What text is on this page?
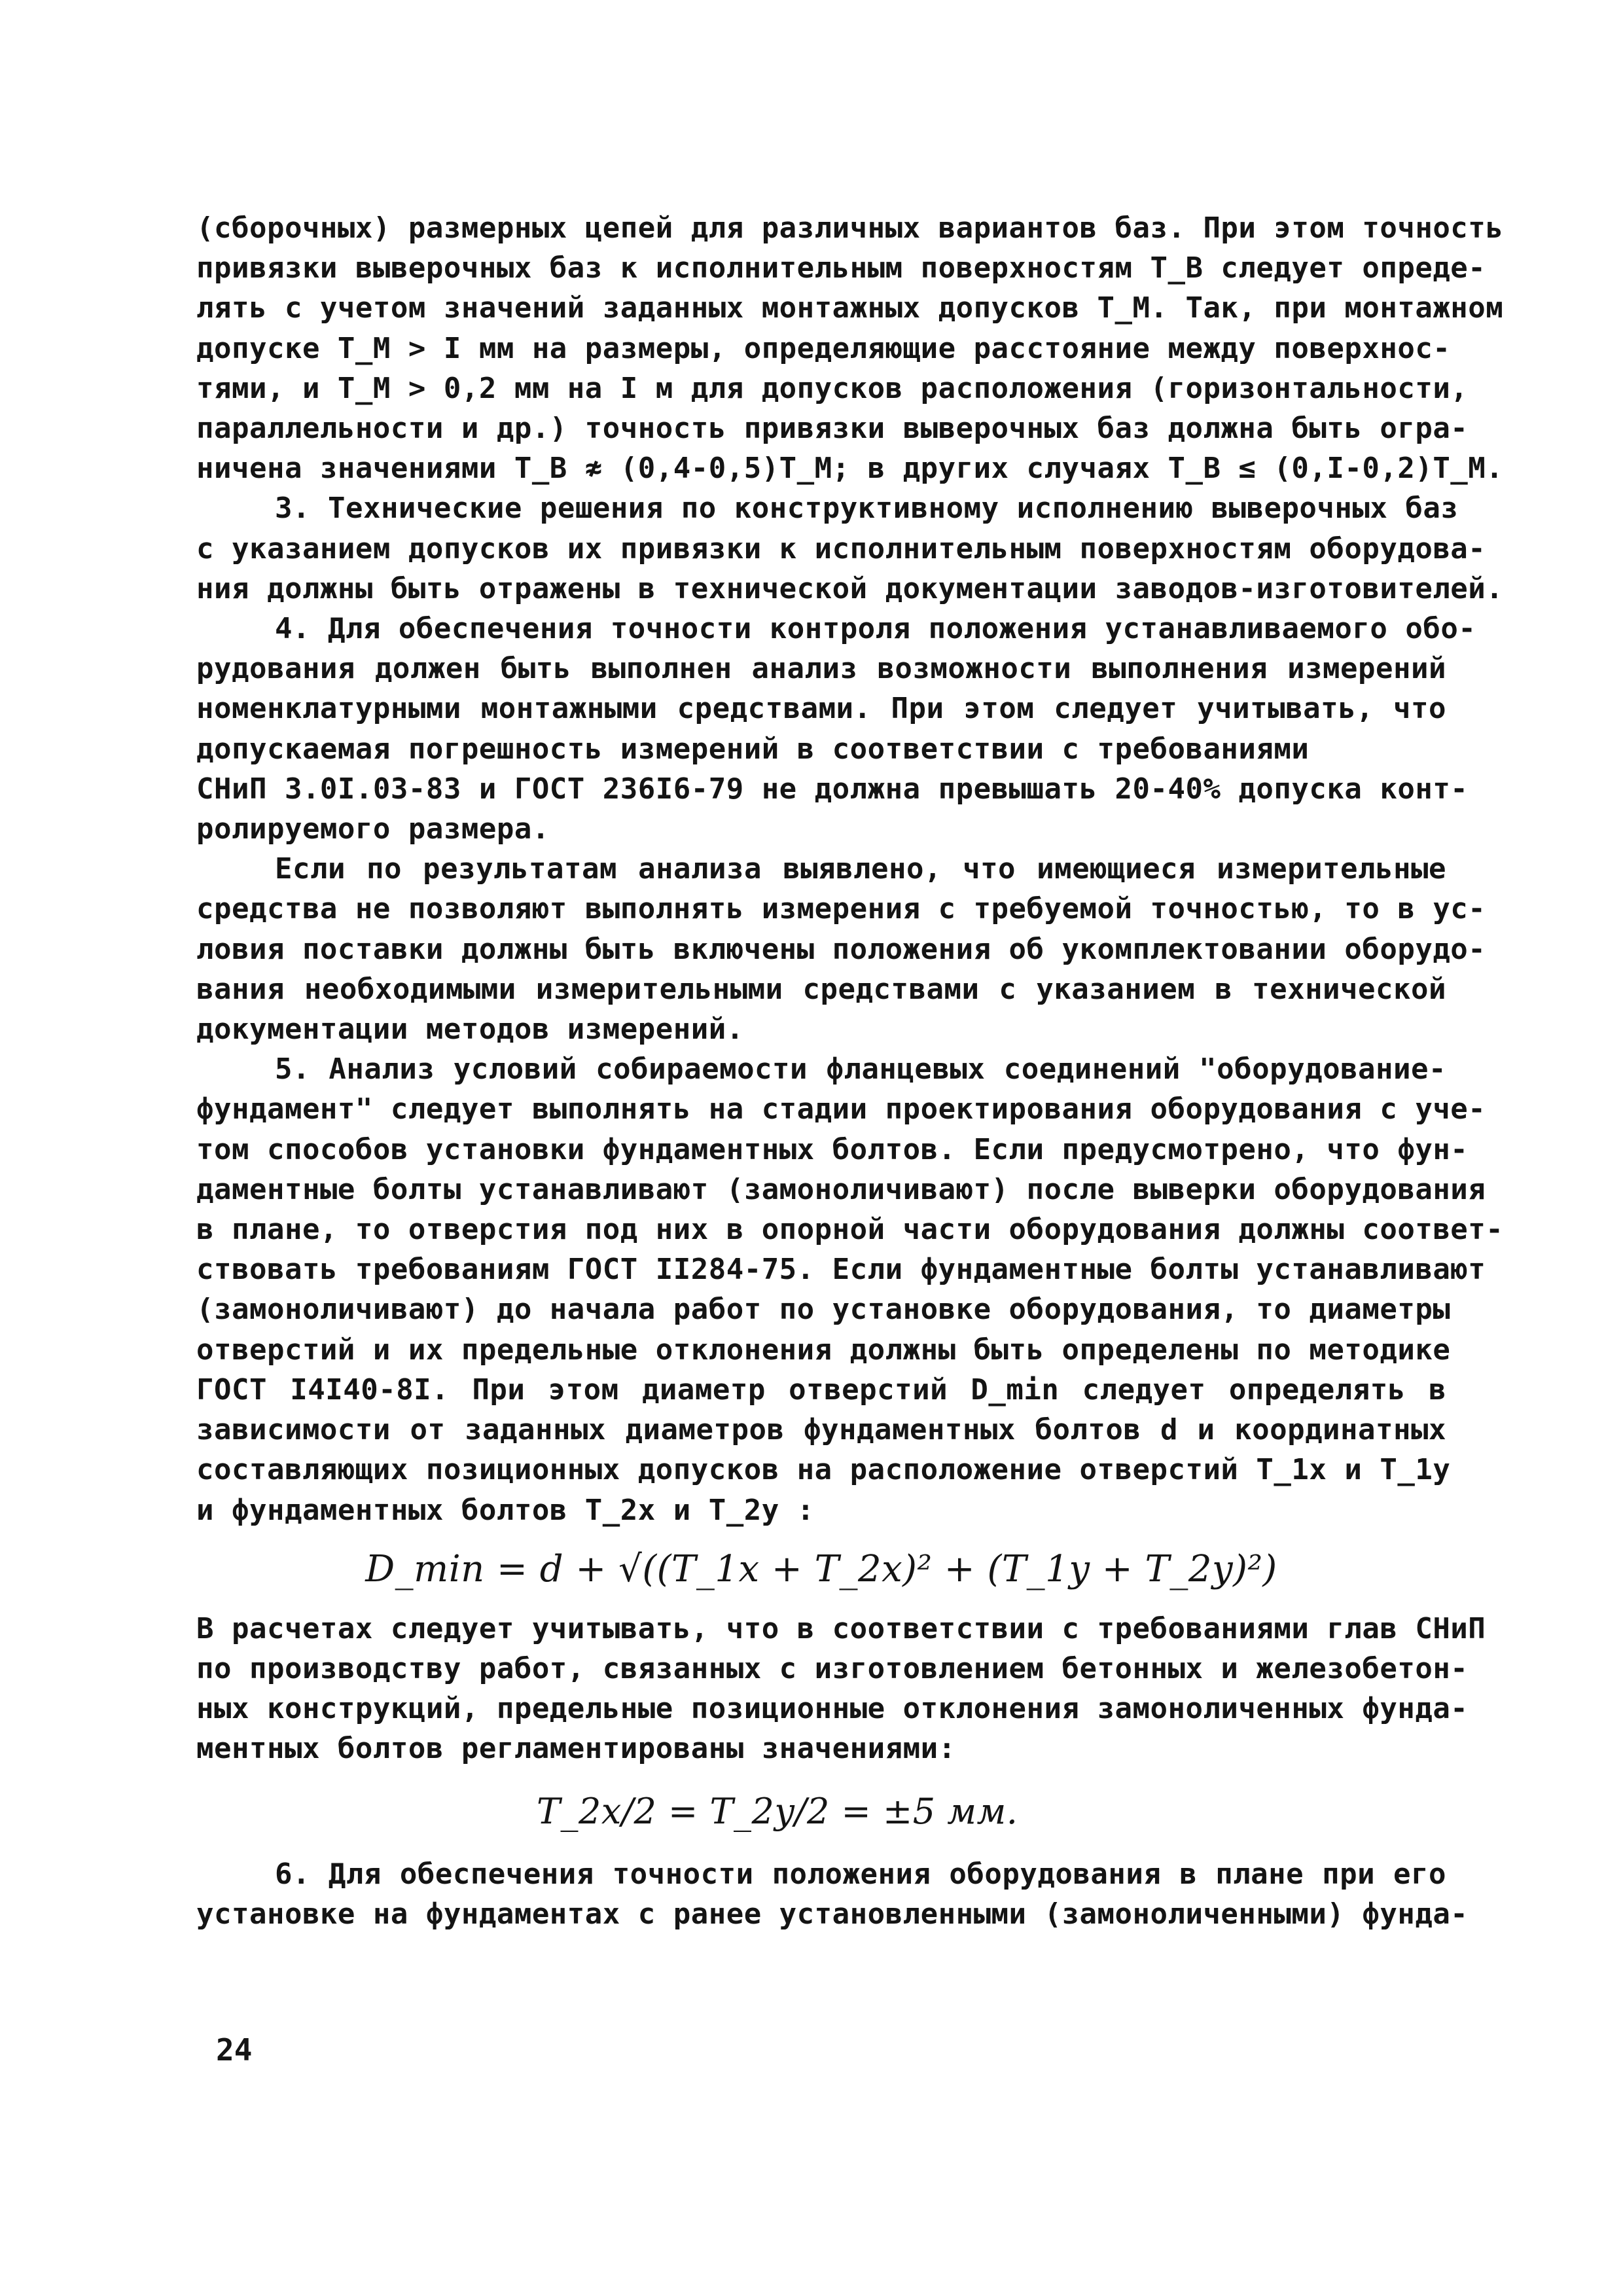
(сборочных) размерных цепей для различных вариантов баз. При этом точность
привязки выверочных баз к исполнительным поверхностям Т_В следует опреде-
лять с учетом значений заданных монтажных допусков Т_М. Так, при монтажном
допуске Т_М > I мм на размеры, определяющие расстояние между поверхнос-
тями, и Т_М > 0,2 мм на I м для допусков расположения (горизонтальности,
параллельности и др.) точность привязки выверочных баз должна быть огра-
ничена значениями Т_В ≉ (0,4-0,5)Т_М; в других случаях Т_В ≤ (0,I-0,2)Т_М.
3. Технические решения по конструктивному исполнению выверочных баз
с указанием допусков их привязки к исполнительным поверхностям оборудова-
ния должны быть отражены в технической документации заводов-изготовителей.
4. Для обеспечения точности контроля положения устанавливаемого обо-
рудования должен быть выполнен анализ возможности выполнения измерений
номенклатурными монтажными средствами. При этом следует учитывать, что
допускаемая погрешность измерений в соответствии с требованиями
СНиП 3.0I.03-83 и ГОСТ 236I6-79 не должна превышать 20-40% допуска конт-
ролируемого размера.
Если по результатам анализа выявлено, что имеющиеся измерительные
средства не позволяют выполнять измерения с требуемой точностью, то в ус-
ловия поставки должны быть включены положения об укомплектовании оборудо-
вания необходимыми измерительными средствами с указанием в технической
документации методов измерений.
5. Анализ условий собираемости фланцевых соединений "оборудование-
фундамент" следует выполнять на стадии проектирования оборудования с уче-
том способов установки фундаментных болтов. Если предусмотрено, что фун-
даментные болты устанавливают (замоноличивают) после выверки оборудования
в плане, то отверстия под них в опорной части оборудования должны соответ-
ствовать требованиям ГОСТ II284-75. Если фундаментные болты устанавливают
(замоноличивают) до начала работ по установке оборудования, то диаметры
отверстий и их предельные отклонения должны быть определены по методике
ГОСТ I4I40-8I. При этом диаметр отверстий D_min следует определять в
зависимости от заданных диаметров фундаментных болтов d и координатных
составляющих позиционных допусков на расположение отверстий T_1x и T_1y
и фундаментных болтов T_2x и T_2y :
D_min = d + √((T_1x + T_2x)² + (T_1y + T_2y)²)
В расчетах следует учитывать, что в соответствии с требованиями глав СНиП
по производству работ, связанных с изготовлением бетонных и железобетон-
ных конструкций, предельные позиционные отклонения замоноличенных фунда-
ментных болтов регламентированы значениями:
T_2x/2 = T_2y/2 = ±5 мм.
6. Для обеспечения точности положения оборудования в плане при его
установке на фундаментах с ранее установленными (замоноличенными) фунда-
24
